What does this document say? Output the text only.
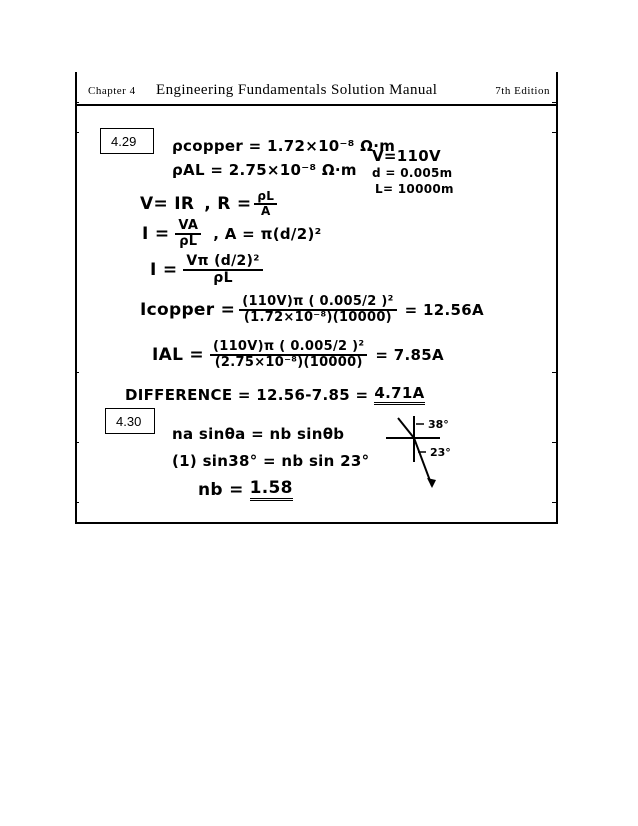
Chapter 4 Engineering Fundamentals Solution Manual	7th Edition
4.29 ρcopper = 1.72×10⁻⁸ Ω·m
ρAL = 2.75×10⁻⁸ Ω·m
V=110V
d = 0.005m
L= 10000m
V= IR , $R = \frac{\rho L}{A}$
$I = \frac{VA}{\rho L}$ , A = π(d/2)²
$I = \frac{\text{Vπ (d/2)²}}{\rho L}$
Icopper = $\frac{\text{(110V)π ( 0.005/2 )²}}{\text{(1.72×10⁻⁸)(10000)}} = 12.56A$
IAL = $\frac{\text{(110V)π ( 0.005/2 )²}}{\text{(2.75×10⁻⁸)(10000)}} = 7.85A$
DIFFERENCE = 12.56-7.85 = 4.71A
4.30
na sinθa = nb sinθb
(1) sin38° = nb sin 23°
nb = 1.58
38°
23°
